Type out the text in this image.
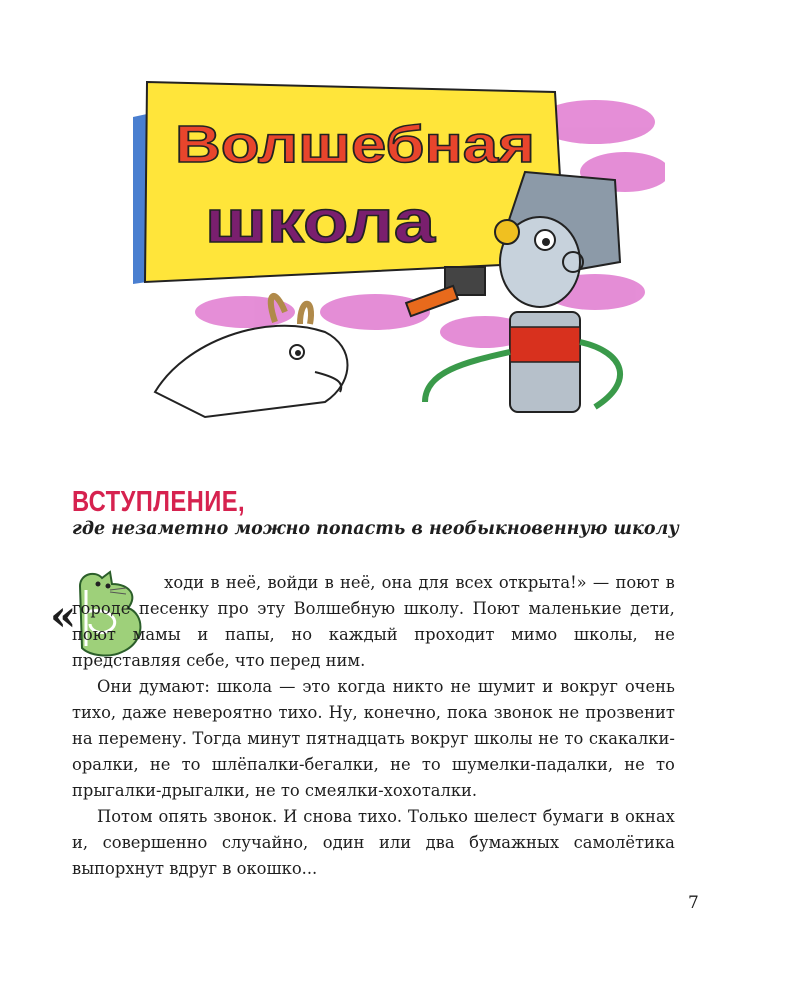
Волшебная
школа
ВСТУПЛЕНИЕ,

где незаметно можно попасть в необыкновенную школу

«
В

ходи в неё, войди в неё, она для всех открыта!» — поют в городе песенку про эту Волшебную школу. Поют маленькие дети, поют мамы и папы, но каждый проходит мимо школы, не представляя себе, что перед ним.

Они думают: школа — это когда никто не шумит и вокруг очень тихо, даже невероятно тихо. Ну, конечно, пока звонок не прозвенит на перемену. Тогда минут пятнадцать вокруг школы не то скакалки-оралки, не то шлёпалки-бегалки, не то шумелки-падалки, не то прыгалки-дрыгалки, не то смеялки-хохоталки.

Потом опять звонок. И снова тихо. Только шелест бумаги в окнах и, совершенно случайно, один или два бумажных самолётика выпорхнут вдруг в окошко...

7
